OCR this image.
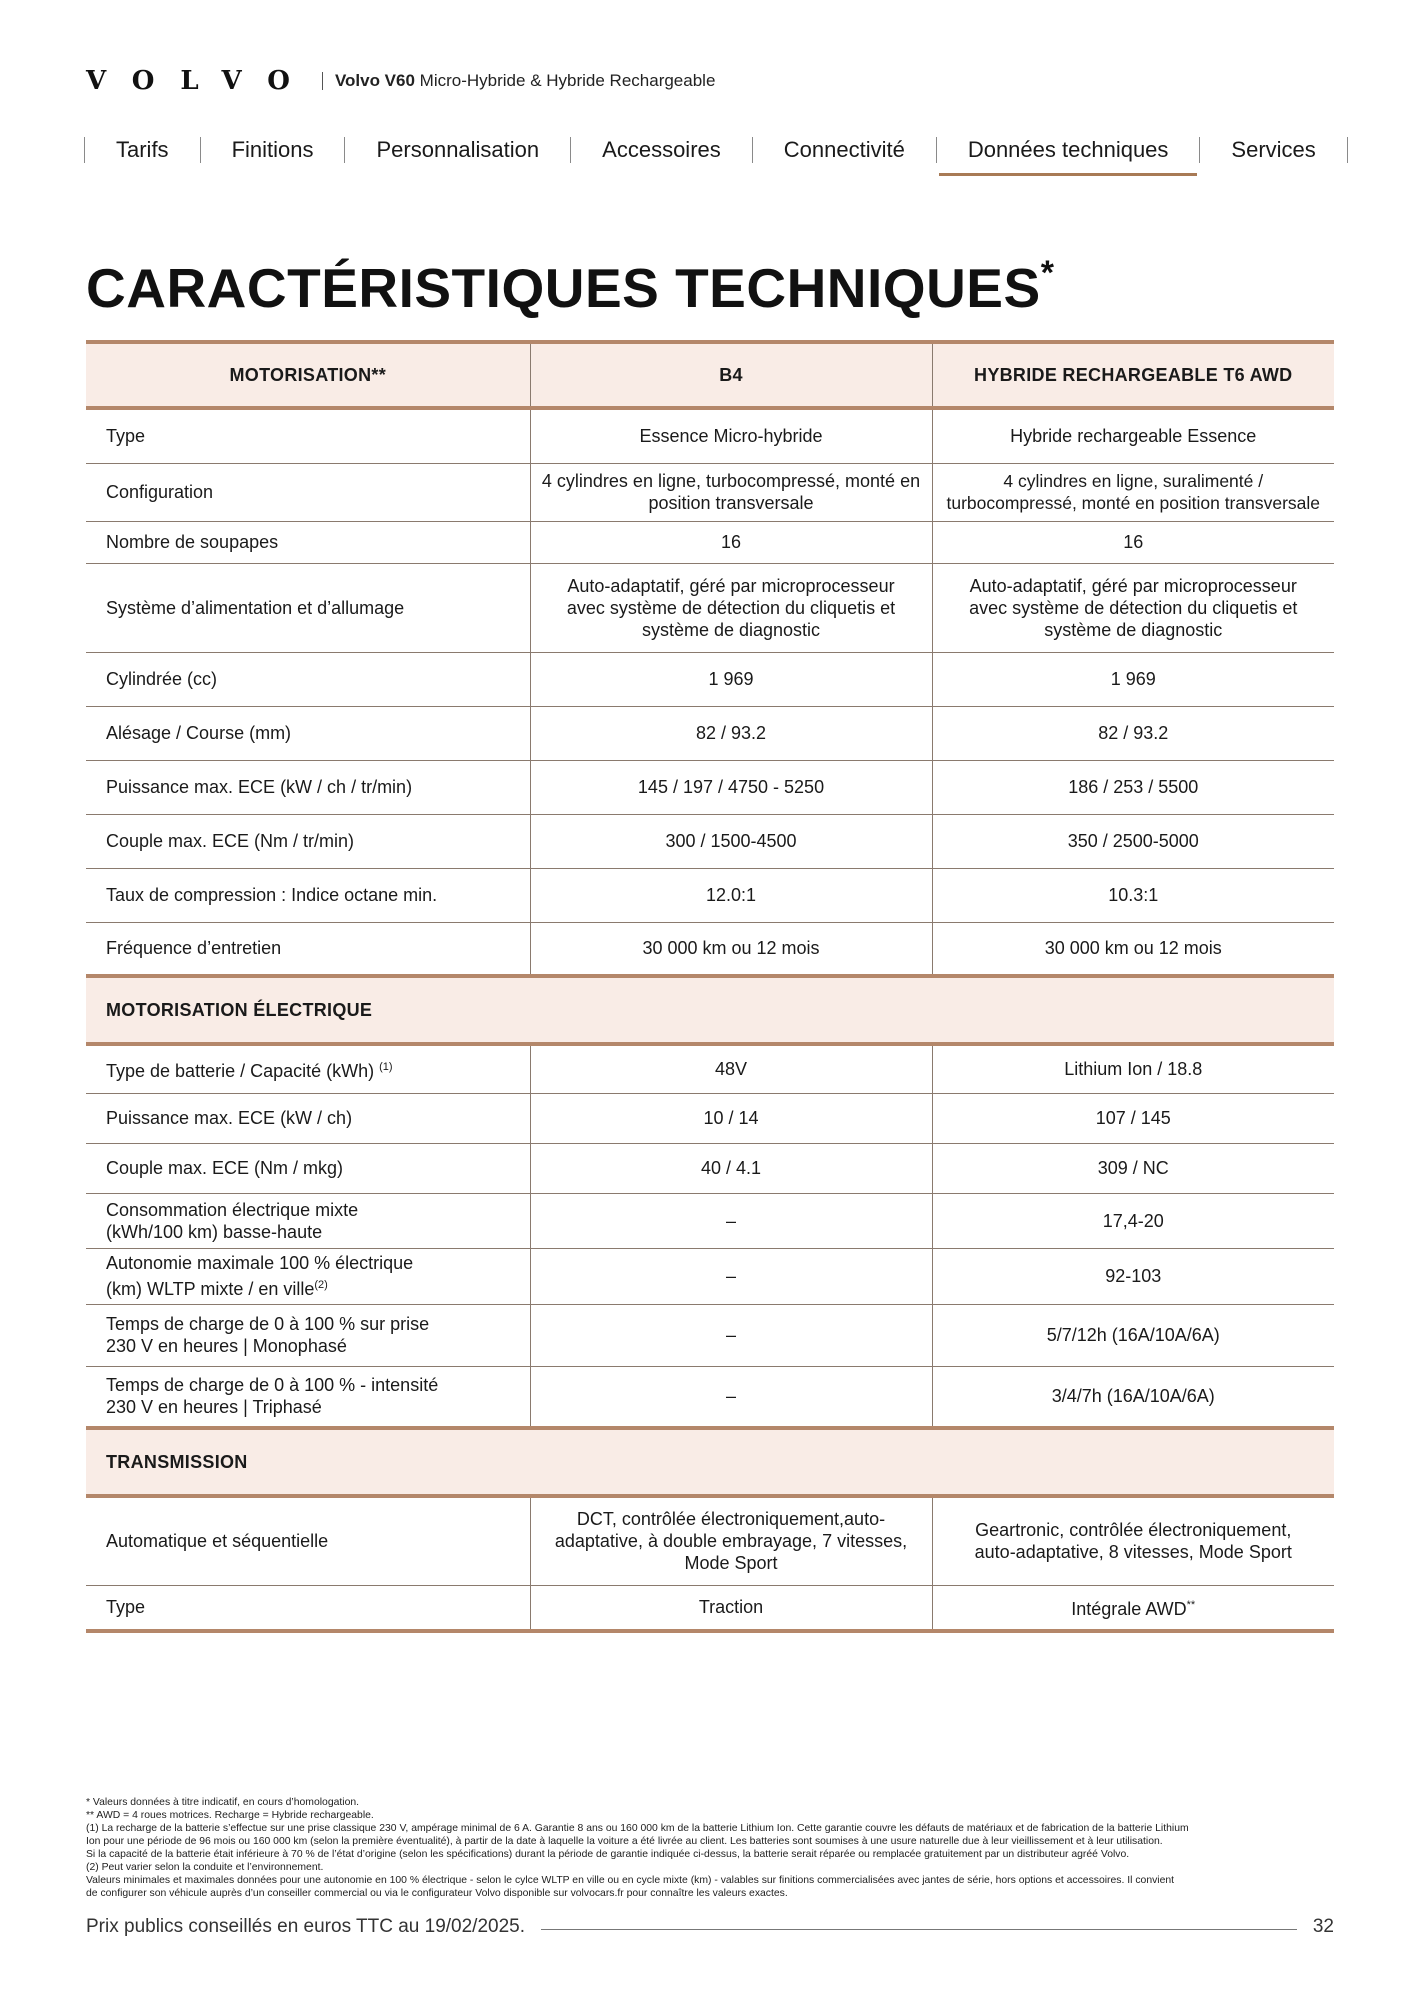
VOLVO Volvo V60 Micro-Hybride & Hybride Rechargeable
Tarifs	Finitions	Personnalisation	Accessoires	Connectivité	Données techniques	Services
CARACTÉRISTIQUES TECHNIQUES*
MOTORISATION**	B4	HYBRIDE RECHARGEABLE T6 AWD
Type	Essence Micro-hybride	Hybride rechargeable Essence
Configuration	4 cylindres en ligne, turbocompressé, monté en position transversale	4 cylindres en ligne, suralimenté / turbocompressé, monté en position transversale
Nombre de soupapes	16	16
Système d’alimentation et d’allumage	Auto-adaptatif, géré par microprocesseur avec système de détection du cliquetis et système de diagnostic	Auto-adaptatif, géré par microprocesseur avec système de détection du cliquetis et système de diagnostic
Cylindrée (cc)	1 969	1 969
Alésage / Course (mm)	82 / 93.2	82 / 93.2
Puissance max. ECE (kW / ch / tr/min)	145 / 197 / 4750 - 5250	186 / 253 / 5500
Couple max. ECE (Nm / tr/min)	300 / 1500-4500	350 / 2500-5000
Taux de compression : Indice octane min.	12.0:1	10.3:1
Fréquence d’entretien	30 000 km ou 12 mois	30 000 km ou 12 mois
MOTORISATION ÉLECTRIQUE		
Type de batterie / Capacité (kWh) $^{(1)}$	48V	Lithium Ion / 18.8
Puissance max. ECE (kW / ch)	10 / 14	107 / 145
Couple max. ECE (Nm / mkg)	40 / 4.1	309 / NC
Consommation électrique mixte (kWh/100 km) basse-haute	–	17,4-20
Autonomie maximale 100 % électrique (km) WLTP mixte / en ville$^{(2)}$	–	92-103
Temps de charge de 0 à 100 % sur prise 230 V en heures | Monophasé	–	5/7/12h (16A/10A/6A)
Temps de charge de 0 à 100 % - intensité 230 V en heures | Triphasé	–	3/4/7h (16A/10A/6A)
TRANSMISSION		
Automatique et séquentielle	DCT, contrôlée électroniquement,auto-adaptative, à double embrayage, 7 vitesses, Mode Sport	Geartronic, contrôlée électroniquement, auto-adaptative, 8 vitesses, Mode Sport
Type	Traction	Intégrale AWD**
* Valeurs données à titre indicatif, en cours d’homologation.
** AWD = 4 roues motrices. Recharge = Hybride rechargeable.
(1) La recharge de la batterie s’effectue sur une prise classique 230 V, ampérage minimal de 6 A. Garantie 8 ans ou 160 000 km de la batterie Lithium Ion. Cette garantie couvre les défauts de matériaux et de fabrication de la batterie Lithium
Ion pour une période de 96 mois ou 160 000 km (selon la première éventualité), à partir de la date à laquelle la voiture a été livrée au client. Les batteries sont soumises à une usure naturelle due à leur vieillissement et à leur utilisation.
Si la capacité de la batterie était inférieure à 70 % de l’état d’origine (selon les spécifications) durant la période de garantie indiquée ci-dessus, la batterie serait réparée ou remplacée gratuitement par un distributeur agréé Volvo.
(2) Peut varier selon la conduite et l’environnement.
Valeurs minimales et maximales données pour une autonomie en 100 % électrique - selon le cylce WLTP en ville ou en cycle mixte (km) - valables sur finitions commercialisées avec jantes de série, hors options et accessoires. Il convient
de configurer son véhicule auprès d’un conseiller commercial ou via le configurateur Volvo disponible sur volvocars.fr pour connaître les valeurs exactes.
Prix publics conseillés en euros TTC au 19/02/2025.	32
